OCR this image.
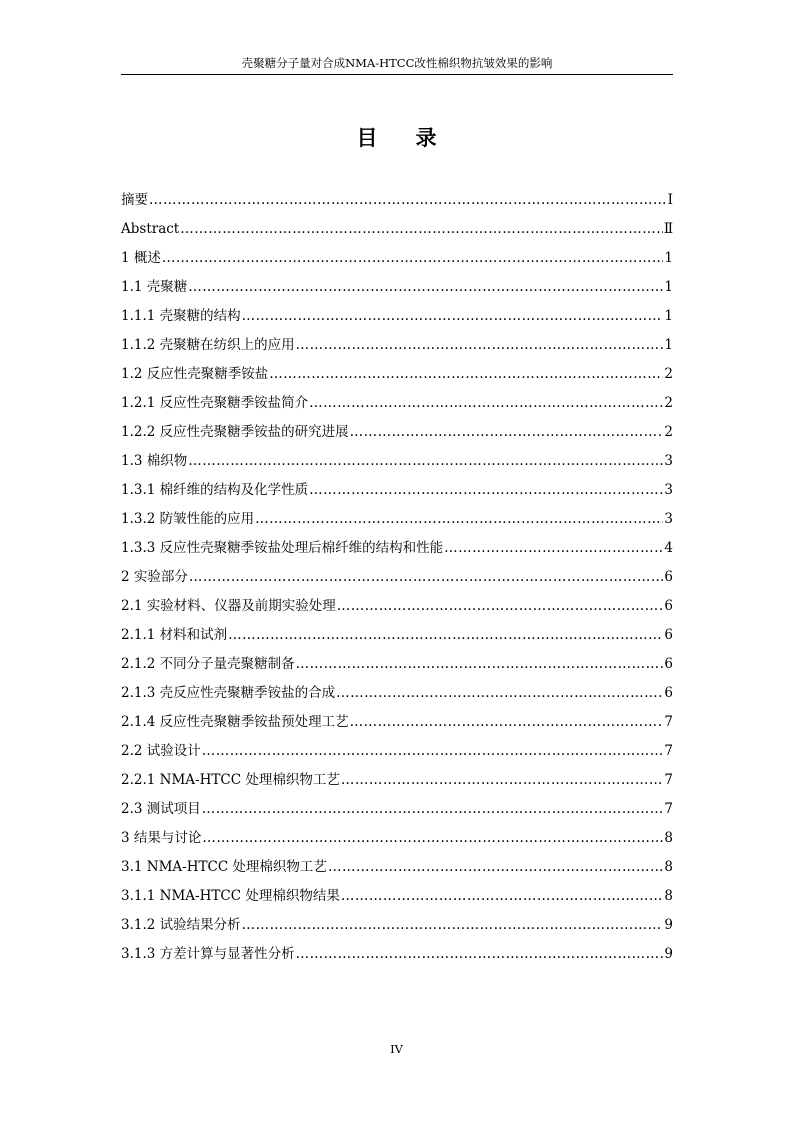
壳聚糖分子量对合成NMA-HTCC改性棉织物抗皱效果的影响
目录
摘要 …………………………………………………………………………………………………………………………………………………………………………………………………	Ⅰ
Abstract …………………………………………………………………………………………………………………………………………………………………………………………………	Ⅱ
1 概述 …………………………………………………………………………………………………………………………………………………………………………………………………	1
1.1 壳聚糖 …………………………………………………………………………………………………………………………………………………………………………………………………	1
1.1.1 壳聚糖的结构 …………………………………………………………………………………………………………………………………………………………………………………………………	1
1.1.2 壳聚糖在纺织上的应用 …………………………………………………………………………………………………………………………………………………………………………………………………	1
1.2 反应性壳聚糖季铵盐 …………………………………………………………………………………………………………………………………………………………………………………………………	2
1.2.1 反应性壳聚糖季铵盐简介 …………………………………………………………………………………………………………………………………………………………………………………………………	2
1.2.2 反应性壳聚糖季铵盐的研究进展 …………………………………………………………………………………………………………………………………………………………………………………………………	2
1.3 棉织物 …………………………………………………………………………………………………………………………………………………………………………………………………	3
1.3.1 棉纤维的结构及化学性质 …………………………………………………………………………………………………………………………………………………………………………………………………	3
1.3.2 防皱性能的应用 …………………………………………………………………………………………………………………………………………………………………………………………………	3
1.3.3 反应性壳聚糖季铵盐处理后棉纤维的结构和性能 …………………………………………………………………………………………………………………………………………………………………………………………………	4
2 实验部分 …………………………………………………………………………………………………………………………………………………………………………………………………	6
2.1 实验材料、仪器及前期实验处理 …………………………………………………………………………………………………………………………………………………………………………………………………	6
2.1.1 材料和试剂 …………………………………………………………………………………………………………………………………………………………………………………………………	6
2.1.2 不同分子量壳聚糖制备 …………………………………………………………………………………………………………………………………………………………………………………………………	6
2.1.3 壳反应性壳聚糖季铵盐的合成 …………………………………………………………………………………………………………………………………………………………………………………………………	6
2.1.4 反应性壳聚糖季铵盐预处理工艺 …………………………………………………………………………………………………………………………………………………………………………………………………	7
2.2 试验设计 …………………………………………………………………………………………………………………………………………………………………………………………………	7
2.2.1 NMA-HTCC 处理棉织物工艺 …………………………………………………………………………………………………………………………………………………………………………………………………	7
2.3 测试项目 …………………………………………………………………………………………………………………………………………………………………………………………………	7
3 结果与讨论 …………………………………………………………………………………………………………………………………………………………………………………………………	8
3.1 NMA-HTCC 处理棉织物工艺 …………………………………………………………………………………………………………………………………………………………………………………………………	8
3.1.1 NMA-HTCC 处理棉织物结果 …………………………………………………………………………………………………………………………………………………………………………………………………	8
3.1.2 试验结果分析 …………………………………………………………………………………………………………………………………………………………………………………………………	9
3.1.3 方差计算与显著性分析 …………………………………………………………………………………………………………………………………………………………………………………………………	9
IV
